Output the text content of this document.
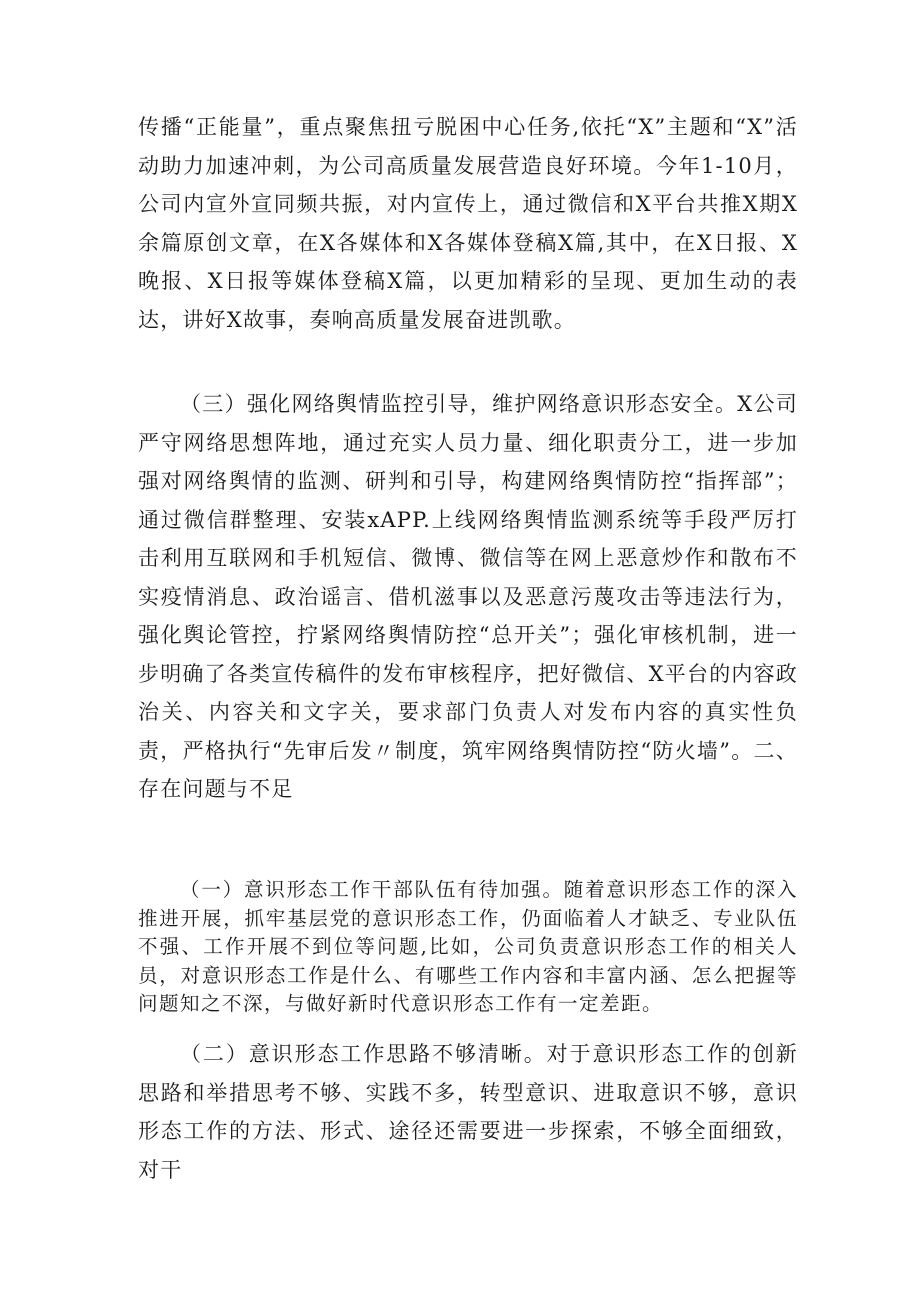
传播“正能量”，重点聚焦扭亏脱困中心任务,依托“X”主题和“X”活动助力加速冲刺，为公司高质量发展营造良好环境。今年1-10月，公司内宣外宣同频共振，对内宣传上，通过微信和X平台共推X期X余篇原创文章，在X各媒体和X各媒体登稿X篇,其中，在X日报、X晚报、X日报等媒体登稿X篇，以更加精彩的呈现、更加生动的表达，讲好X故事，奏响高质量发展奋进凯歌。

（三）强化网络舆情监控引导，维护网络意识形态安全。X公司严守网络思想阵地，通过充实人员力量、细化职责分工，进一步加强对网络舆情的监测、研判和引导，构建网络舆情防控“指挥部”；通过微信群整理、安装xAPP.上线网络舆情监测系统等手段严厉打击利用互联网和手机短信、微博、微信等在网上恶意炒作和散布不实疫情消息、政治谣言、借机滋事以及恶意污蔑攻击等违法行为，强化舆论管控，拧紧网络舆情防控“总开关”；强化审核机制，进一步明确了各类宣传稿件的发布审核程序，把好微信、X平台的内容政治关、内容关和文字关，要求部门负责人对发布内容的真实性负责，严格执行“先审后发〃制度，筑牢网络舆情防控“防火墙”。二、存在问题与不足

（一）意识形态工作干部队伍有待加强。随着意识形态工作的深入推进开展，抓牢基层党的意识形态工作，仍面临着人才缺乏、专业队伍不强、工作开展不到位等问题,比如，公司负责意识形态工作的相关人员，对意识形态工作是什么、有哪些工作内容和丰富内涵、怎么把握等问题知之不深，与做好新时代意识形态工作有一定差距。

（二）意识形态工作思路不够清晰。对于意识形态工作的创新思路和举措思考不够、实践不多，转型意识、进取意识不够，意识形态工作的方法、形式、途径还需要进一步探索，不够全面细致，对干
